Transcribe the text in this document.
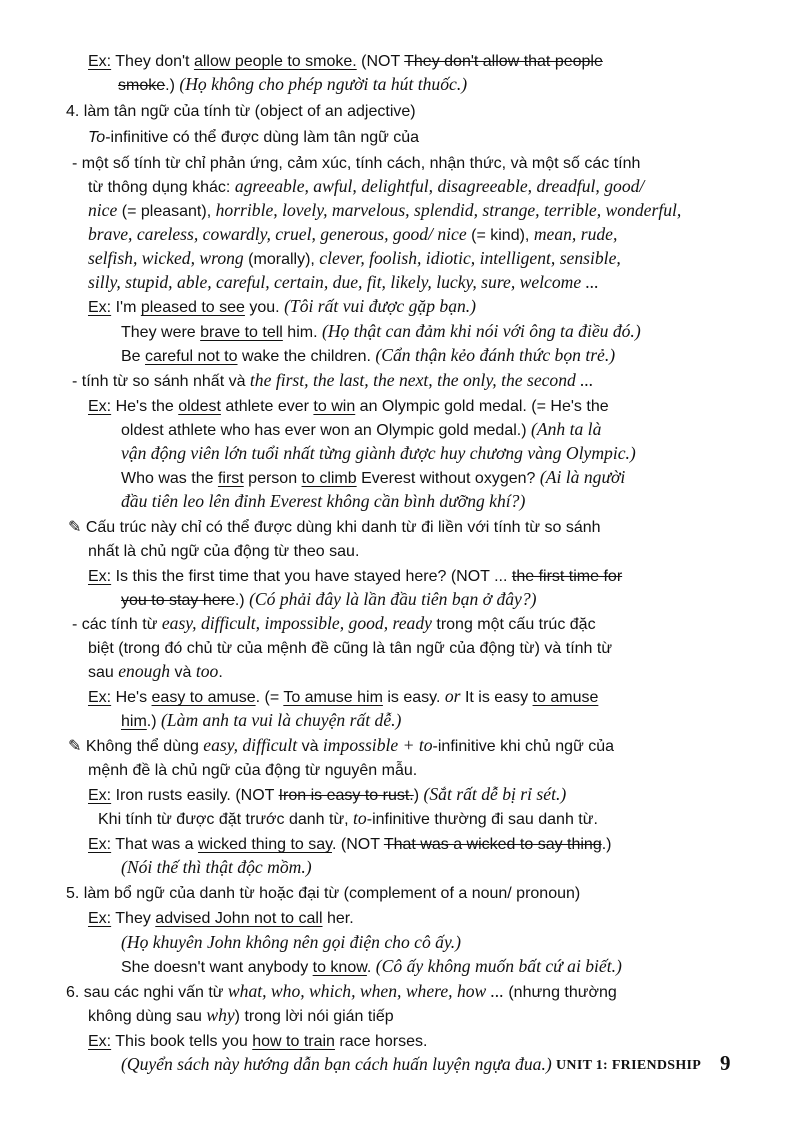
Ex: They don't allow people to smoke. (NOT They don't allow that people
smoke.) (Họ không cho phép người ta hút thuốc.)
4. làm tân ngữ của tính từ (object of an adjective)
To-infinitive có thể được dùng làm tân ngữ của
- một số tính từ chỉ phản ứng, cảm xúc, tính cách, nhận thức, và một số các tính
từ thông dụng khác: agreeable, awful, delightful, disagreeable, dreadful, good/
nice (= pleasant), horrible, lovely, marvelous, splendid, strange, terrible, wonderful,
brave, careless, cowardly, cruel, generous, good/ nice (= kind), mean, rude,
selfish, wicked, wrong (morally), clever, foolish, idiotic, intelligent, sensible,
silly, stupid, able, careful, certain, due, fit, likely, lucky, sure, welcome ...
Ex: I'm pleased to see you. (Tôi rất vui được gặp bạn.)
They were brave to tell him. (Họ thật can đảm khi nói với ông ta điều đó.)
Be careful not to wake the children. (Cẩn thận kẻo đánh thức bọn trẻ.)
- tính từ so sánh nhất và the first, the last, the next, the only, the second ...
Ex: He's the oldest athlete ever to win an Olympic gold medal. (= He's the
oldest athlete who has ever won an Olympic gold medal.) (Anh ta là
vận động viên lớn tuổi nhất từng giành được huy chương vàng Olympic.)
Who was the first person to climb Everest without oxygen? (Ai là người
đầu tiên leo lên đỉnh Everest không cần bình dưỡng khí?)
✎ Cấu trúc này chỉ có thể được dùng khi danh từ đi liền với tính từ so sánh
nhất là chủ ngữ của động từ theo sau.
Ex: Is this the first time that you have stayed here? (NOT ... the first time for
you to stay here.) (Có phải đây là lần đầu tiên bạn ở đây?)
- các tính từ easy, difficult, impossible, good, ready trong một cấu trúc đặc
biệt (trong đó chủ từ của mệnh đề cũng là tân ngữ của động từ) và tính từ
sau enough và too.
Ex: He's easy to amuse. (= To amuse him is easy. or It is easy to amuse
him.) (Làm anh ta vui là chuyện rất dễ.)
✎ Không thể dùng easy, difficult và impossible + to-infinitive khi chủ ngữ của
mệnh đề là chủ ngữ của động từ nguyên mẫu.
Ex: Iron rusts easily. (NOT Iron is easy to rust.) (Sắt rất dễ bị rỉ sét.)
Khi tính từ được đặt trước danh từ, to-infinitive thường đi sau danh từ.
Ex: That was a wicked thing to say. (NOT That was a wicked to say thing.)
(Nói thế thì thật độc mồm.)
5. làm bổ ngữ của danh từ hoặc đại từ (complement of a noun/ pronoun)
Ex: They advised John not to call her.
(Họ khuyên John không nên gọi điện cho cô ấy.)
She doesn't want anybody to know. (Cô ấy không muốn bất cứ ai biết.)
6. sau các nghi vấn từ what, who, which, when, where, how ... (nhưng thường
không dùng sau why) trong lời nói gián tiếp
Ex: This book tells you how to train race horses.
(Quyển sách này hướng dẫn bạn cách huấn luyện ngựa đua.) UNIT 1: FRIENDSHIP 9
